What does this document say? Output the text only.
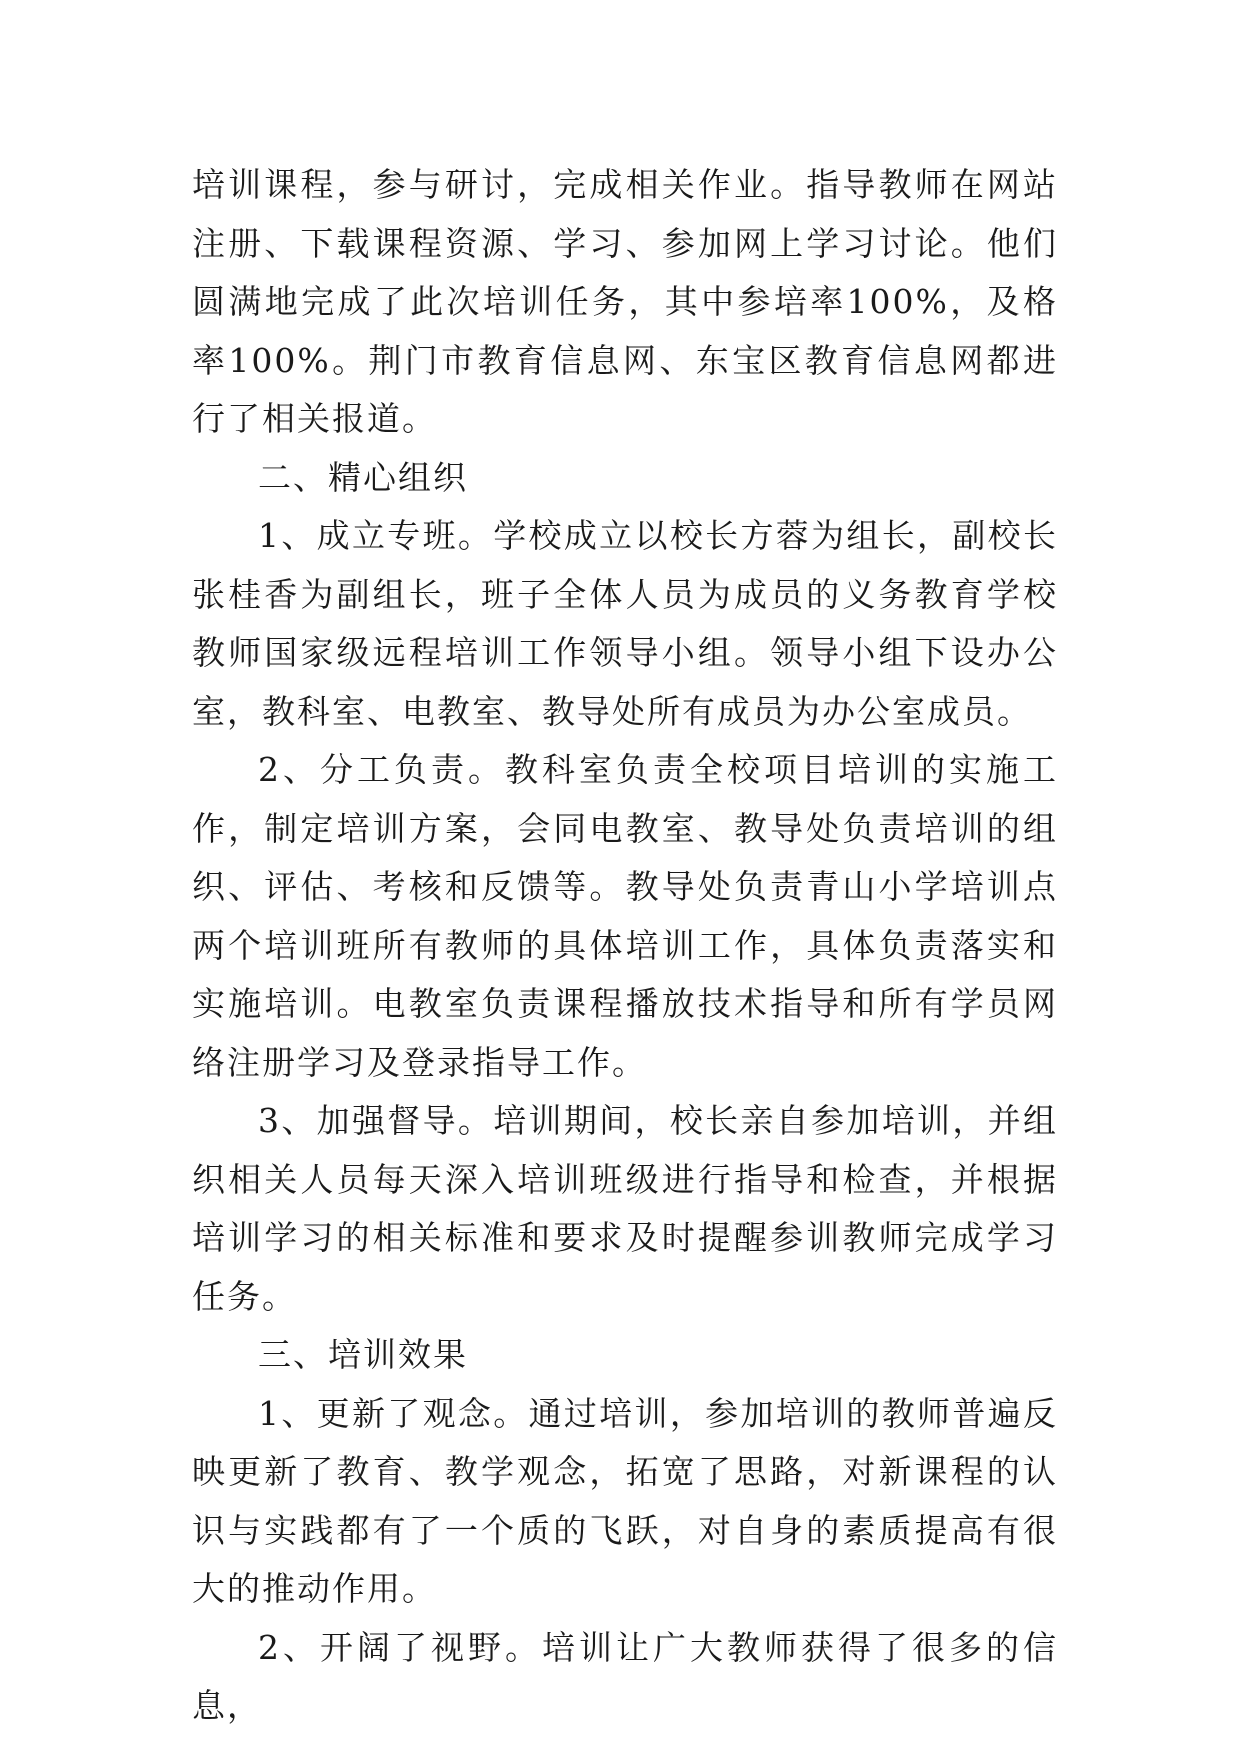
培训课程，参与研讨，完成相关作业。指导教师在网站注册、下载课程资源、学习、参加网上学习讨论。他们圆满地完成了此次培训任务，其中参培率100%，及格率100%。荆门市教育信息网、东宝区教育信息网都进行了相关报道。

二、精心组织

1、成立专班。学校成立以校长方蓉为组长，副校长张桂香为副组长，班子全体人员为成员的义务教育学校教师国家级远程培训工作领导小组。领导小组下设办公室，教科室、电教室、教导处所有成员为办公室成员。

2、分工负责。教科室负责全校项目培训的实施工作，制定培训方案，会同电教室、教导处负责培训的组织、评估、考核和反馈等。教导处负责青山小学培训点两个培训班所有教师的具体培训工作，具体负责落实和实施培训。电教室负责课程播放技术指导和所有学员网络注册学习及登录指导工作。

3、加强督导。培训期间，校长亲自参加培训，并组织相关人员每天深入培训班级进行指导和检查，并根据培训学习的相关标准和要求及时提醒参训教师完成学习任务。

三、培训效果

1、更新了观念。通过培训，参加培训的教师普遍反映更新了教育、教学观念，拓宽了思路，对新课程的认识与实践都有了一个质的飞跃，对自身的素质提高有很大的推动作用。

2、开阔了视野。培训让广大教师获得了很多的信息，
